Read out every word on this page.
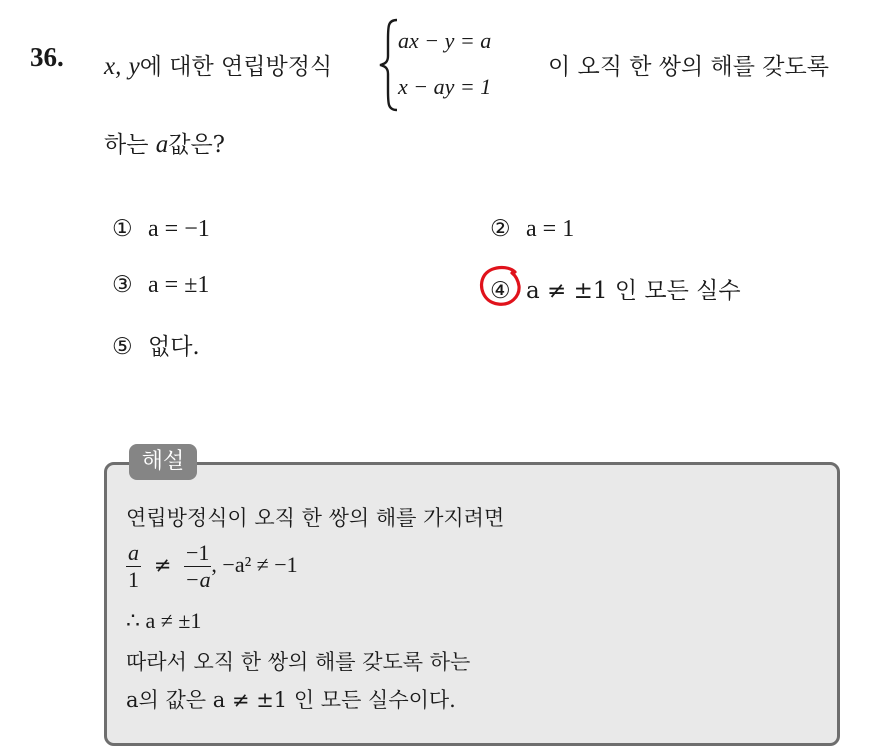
36. x, y에 대한 연립방정식
ax − y = a
x − ay = 1
이 오직 한 쌍의 해를 갖도록
하는 a값은?
① a = −1	② a = 1
③ a = ±1	④ a ≠ ±1 인 모든 실수
⑤ 없다.
해설
연립방정식이 오직 한 쌍의 해를 가지려면
$\frac{a}{1} \ne \frac{-1}{-a}$ , −a² ≠ −1
∴ a ≠ ±1
따라서 오직 한 쌍의 해를 갖도록 하는
a의 값은 a ≠ ±1 인 모든 실수이다.
